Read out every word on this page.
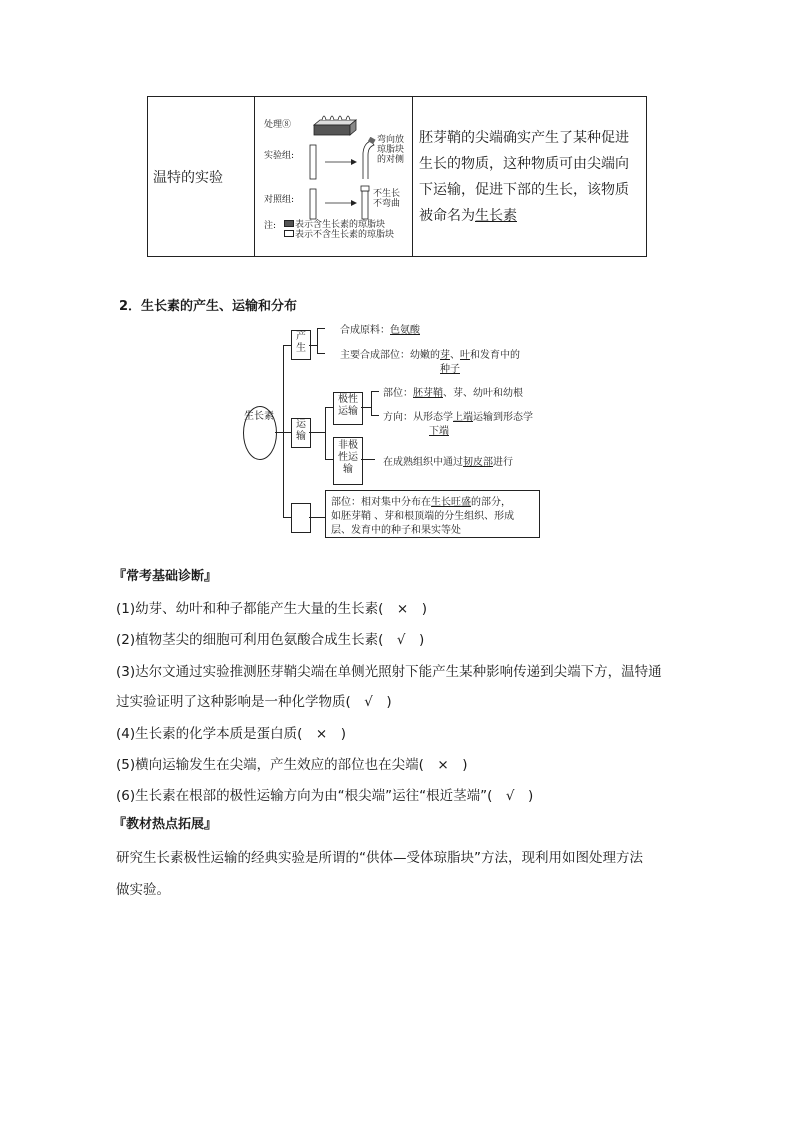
温特的实验	
处理⑧
实验组:
弯向放
琼脂块
的对侧
对照组:
不生长
不弯曲
注: 表示含生长素的琼脂块
表示不含生长素的琼脂块
	胚芽鞘的尖端确实产生了某种促进生长的物质，这种物质可由尖端向下运输，促进下部的生长，该物质被命名为生长素
2．生长素的产生、运输和分布
生长素
产生
合成原料：色氨酸
主要合成部位：幼嫩的芽、叶和发育中的
种子
运输
极性运输
部位：胚芽鞘、芽、幼叶和幼根
方向：从形态学上端运输到形态学
下端
非极性运输
在成熟组织中通过韧皮部进行
部位：相对集中分布在生长旺盛的部分，
如胚芽鞘 、芽和根顶端的分生组织、形成
层、发育中的种子和果实等处
『常考基础诊断』
(1)幼芽、幼叶和种子都能产生大量的生长素(　×　)
(2)植物茎尖的细胞可利用色氨酸合成生长素(　√　)
(3)达尔文通过实验推测胚芽鞘尖端在单侧光照射下能产生某种影响传递到尖端下方，温特通
过实验证明了这种影响是一种化学物质(　√　)
(4)生长素的化学本质是蛋白质(　×　)
(5)横向运输发生在尖端，产生效应的部位也在尖端(　×　)
(6)生长素在根部的极性运输方向为由“根尖端”运往“根近茎端”(　√　)
『教材热点拓展』
研究生长素极性运输的经典实验是所谓的“供体—受体琼脂块”方法，现利用如图处理方法
做实验。
